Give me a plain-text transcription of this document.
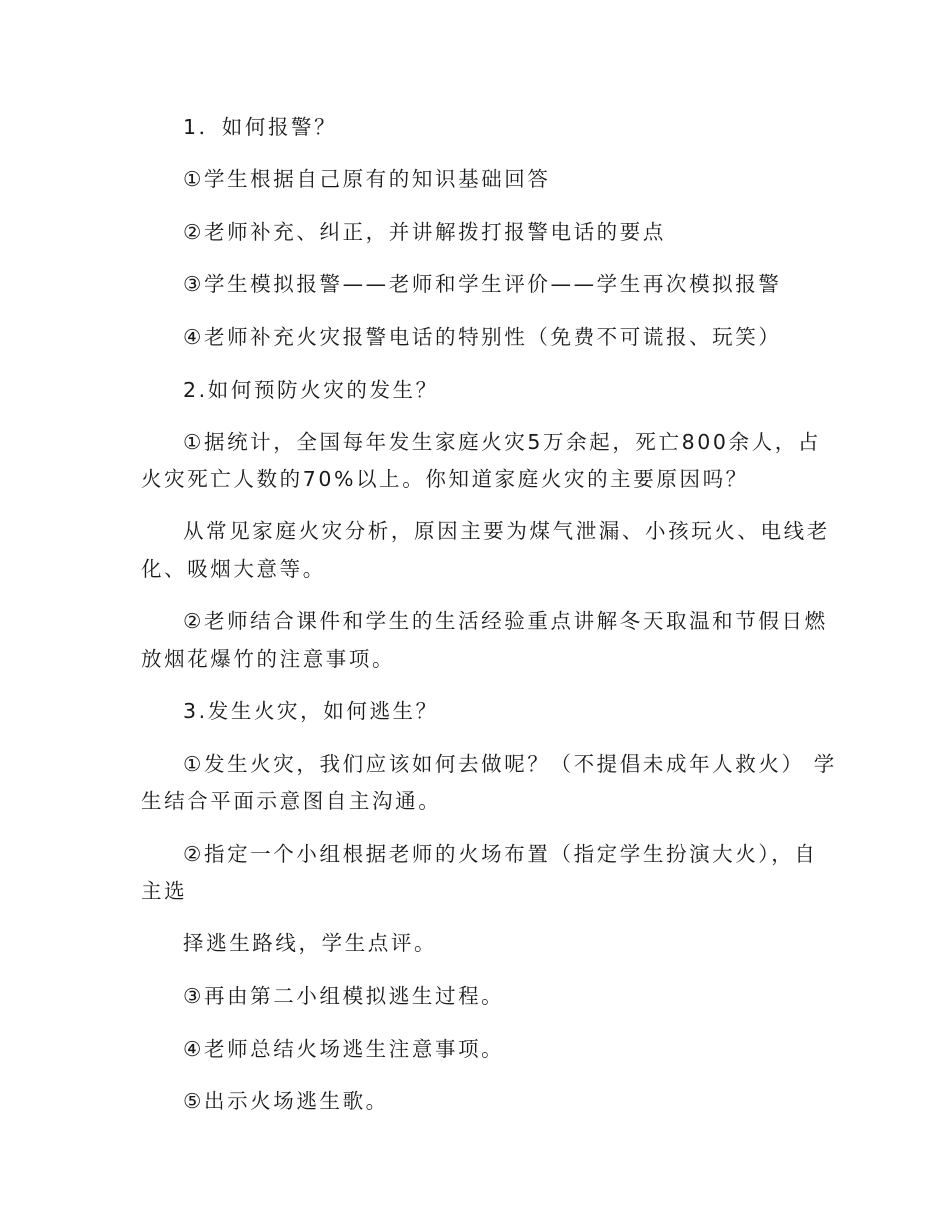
1．如何报警？
①学生根据自己原有的知识基础回答
②老师补充、纠正，并讲解拨打报警电话的要点
③学生模拟报警——老师和学生评价——学生再次模拟报警
④老师补充火灾报警电话的特别性（免费不可谎报、玩笑）
2.如何预防火灾的发生？
①据统计，全国每年发生家庭火灾5万余起，死亡800余人，占
火灾死亡人数的70%以上。你知道家庭火灾的主要原因吗？
从常见家庭火灾分析，原因主要为煤气泄漏、小孩玩火、电线老
化、吸烟大意等。
②老师结合课件和学生的生活经验重点讲解冬天取温和节假日燃
放烟花爆竹的注意事项。
3.发生火灾，如何逃生？
①发生火灾，我们应该如何去做呢？（不提倡未成年人救火） 学
生结合平面示意图自主沟通。
②指定一个小组根据老师的火场布置（指定学生扮演大火），自
主选
择逃生路线，学生点评。
③再由第二小组模拟逃生过程。
④老师总结火场逃生注意事项。
⑤出示火场逃生歌。
